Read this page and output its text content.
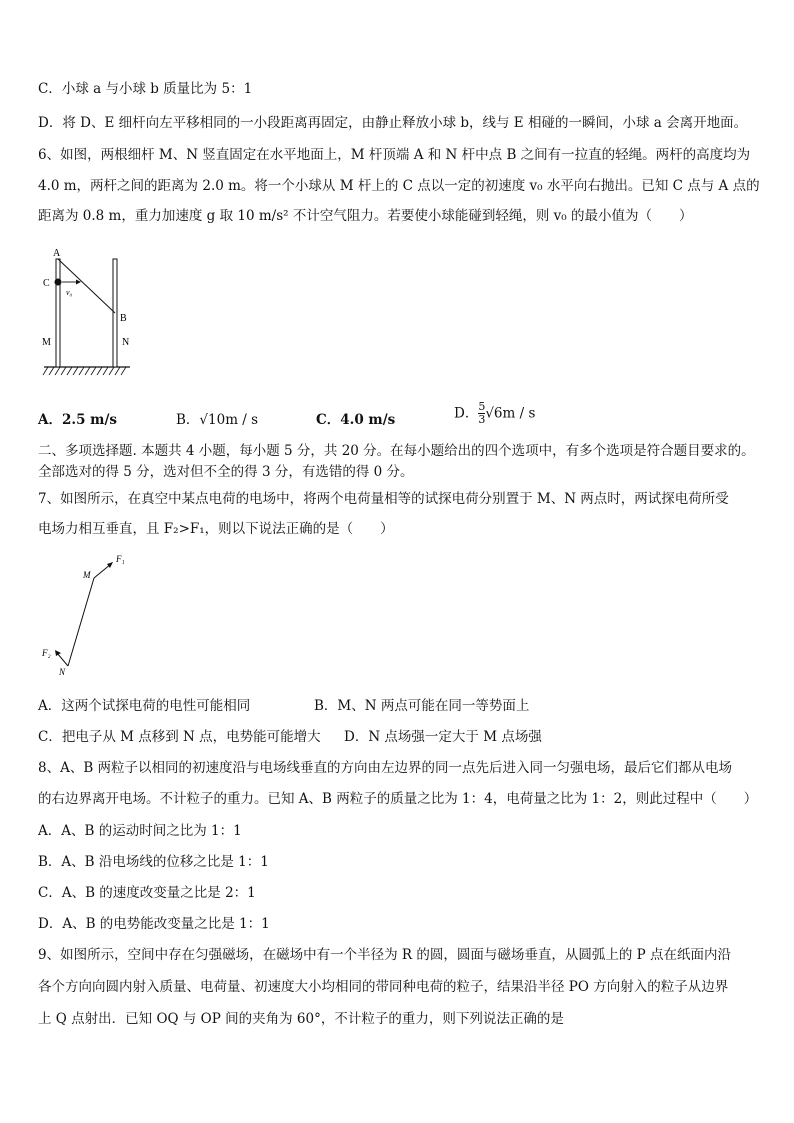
C．小球 a 与小球 b 质量比为 5：1
D．将 D、E 细杆向左平移相同的一小段距离再固定，由静止释放小球 b，线与 E 相碰的一瞬间，小球 a 会离开地面。
6、如图，两根细杆 M、N 竖直固定在水平地面上，M 杆顶端 A 和 N 杆中点 B 之间有一拉直的轻绳。两杆的高度均为
4.0 m，两杆之间的距离为 2.0 m。将一个小球从 M 杆上的 C 点以一定的初速度 v₀ 水平向右抛出。已知 C 点与 A 点的
距离为 0.8 m，重力加速度 g 取 10 m/s² 不计空气阻力。若要使小球能碰到轻绳，则 v₀ 的最小值为（　　）
A
C
v₀
B
M	N
A．2.5 m/s	B．√10m / s	C．4.0 m/s	D． $\frac{5}{3} √6m$ / s
二、多项选择题. 本题共 4 小题，每小题 5 分，共 20 分。在每小题给出的四个选项中，有多个选项是符合题目要求的。
全部选对的得 5 分，选对但不全的得 3 分，有选错的得 0 分。
7、如图所示，在真空中某点电荷的电场中，将两个电荷量相等的试探电荷分别置于 M、N 两点时，两试探电荷所受
电场力相互垂直，且 F₂>F₁，则以下说法正确的是（　　）
F₁
M
F₂
N
A．这两个试探电荷的电性可能相同	B．M、N 两点可能在同一等势面上
C．把电子从 M 点移到 N 点，电势能可能增大 D．N 点场强一定大于 M 点场强
8、A、B 两粒子以相同的初速度沿与电场线垂直的方向由左边界的同一点先后进入同一匀强电场，最后它们都从电场
的右边界离开电场。不计粒子的重力。已知 A、B 两粒子的质量之比为 1：4，电荷量之比为 1：2，则此过程中（　　）
A．A、B 的运动时间之比为 1：1
B．A、B 沿电场线的位移之比是 1：1
C．A、B 的速度改变量之比是 2：1
D．A、B 的电势能改变量之比是 1：1
9、如图所示，空间中存在匀强磁场，在磁场中有一个半径为 R 的圆，圆面与磁场垂直，从圆弧上的 P 点在纸面内沿
各个方向向圆内射入质量、电荷量、初速度大小均相同的带同种电荷的粒子，结果沿半径 PO 方向射入的粒子从边界
上 Q 点射出．已知 OQ 与 OP 间的夹角为 60°，不计粒子的重力，则下列说法正确的是
